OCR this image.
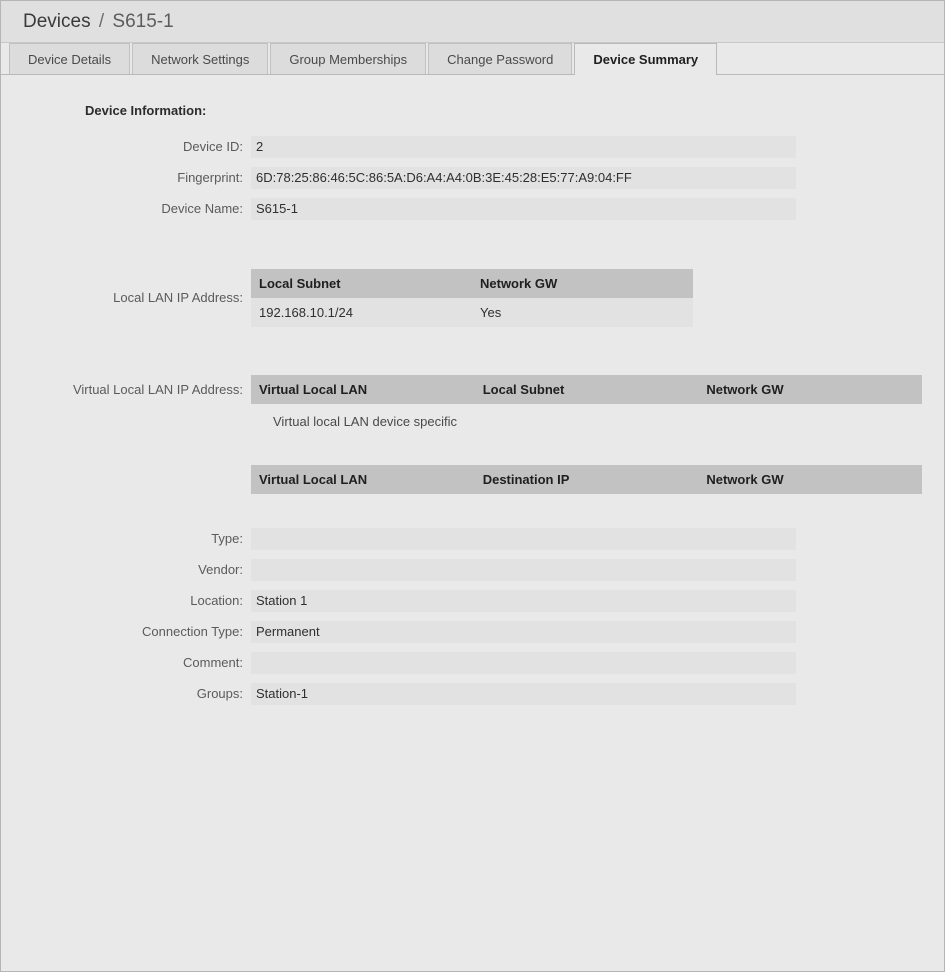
Devices / S615-1
Device Details	Network Settings	Group Memberships	Change Password	Device Summary
Device Information:
Device ID:	2
Fingerprint:	6D:78:25:86:46:5C:86:5A:D6:A4:A4:0B:3E:45:28:E5:77:A9:04:FF
Device Name:	S615-1
Local LAN IP Address:
Local Subnet	Network GW
192.168.10.1/24	Yes
Virtual Local LAN IP Address:	Virtual Local LAN	Local Subnet	Network GW
Virtual local LAN device specific
Virtual Local LAN	Destination IP	Network GW
Type:
Vendor:
Location:	Station 1
Connection Type:	Permanent
Comment:
Groups:	Station-1
